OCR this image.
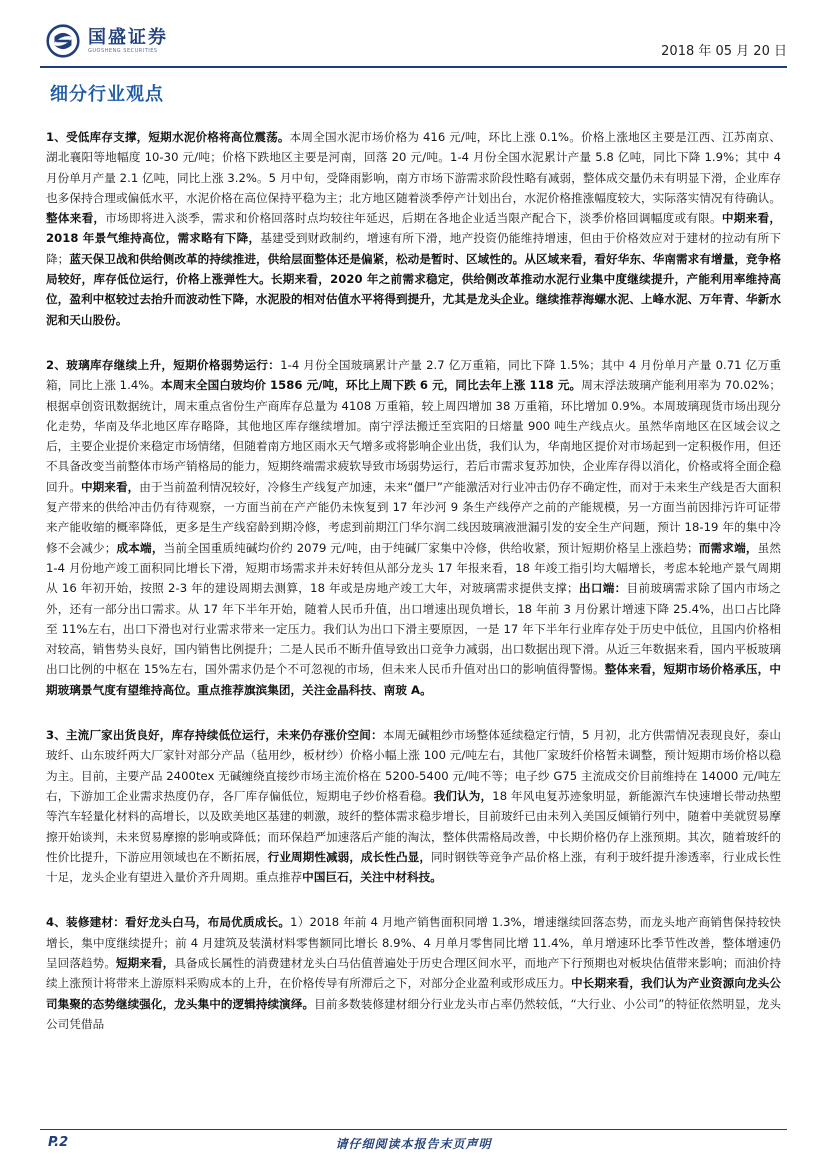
国盛证券
GUOSHENG SECURITIES	2018 年 05 月 20 日
细分行业观点

1、受低库存支撑，短期水泥价格将高位震荡。本周全国水泥市场价格为 416 元/吨，环比上涨 0.1%。价格上涨地区主要是江西、江苏南京、湖北襄阳等地幅度 10-30 元/吨；价格下跌地区主要是河南，回落 20 元/吨。1-4 月份全国水泥累计产量 5.8 亿吨，同比下降 1.9%；其中 4 月份单月产量 2.1 亿吨，同比上涨 3.2%。5 月中旬，受降雨影响，南方市场下游需求阶段性略有减弱，整体成交量仍未有明显下滑，企业库存也多保持合理或偏低水平，水泥价格在高位保持平稳为主；北方地区随着淡季停产计划出台，水泥价格推涨幅度较大，实际落实情况有待确认。整体来看，市场即将进入淡季，需求和价格回落时点均较往年延迟，后期在各地企业适当限产配合下，淡季价格回调幅度或有限。中期来看，2018 年景气维持高位，需求略有下降，基建受到财政制约，增速有所下滑，地产投资仍能维持增速，但由于价格效应对于建材的拉动有所下降；蓝天保卫战和供给侧改革的持续推进，供给层面整体还是偏紧，松动是暂时、区域性的。从区域来看，看好华东、华南需求有增量，竞争格局较好，库存低位运行，价格上涨弹性大。长期来看，2020 年之前需求稳定，供给侧改革推动水泥行业集中度继续提升，产能利用率维持高位，盈利中枢较过去抬升而波动性下降，水泥股的相对估值水平将得到提升，尤其是龙头企业。继续推荐海螺水泥、上峰水泥、万年青、华新水泥和天山股份。

2、玻璃库存继续上升，短期价格弱势运行：1-4 月份全国玻璃累计产量 2.7 亿万重箱，同比下降 1.5%；其中 4 月份单月产量 0.71 亿万重箱，同比上涨 1.4%。本周末全国白玻均价 1586 元/吨，环比上周下跌 6 元，同比去年上涨 118 元。周末浮法玻璃产能利用率为 70.02%；根据卓创资讯数据统计，周末重点省份生产商库存总量为 4108 万重箱，较上周四增加 38 万重箱，环比增加 0.9%。本周玻璃现货市场出现分化走势，华南及华北地区库存略降，其他地区库存继续增加。南宁浮法搬迁至宾阳的日熔量 900 吨生产线点火。虽然华南地区在区域会议之后，主要企业提价来稳定市场情绪，但随着南方地区雨水天气增多或将影响企业出货，我们认为，华南地区提价对市场起到一定积极作用，但还不具备改变当前整体市场产销格局的能力，短期终端需求疲软导致市场弱势运行，若后市需求复苏加快，企业库存得以消化，价格或将全面企稳回升。中期来看，由于当前盈利情况较好，冷修生产线复产加速，未来“僵尸”产能激活对行业冲击仍存不确定性，而对于未来生产线是否大面积复产带来的供给冲击仍有待观察，一方面当前在产产能仍未恢复到 17 年沙河 9 条生产线停产之前的产能规模，另一方面当前因排污许可证带来产能收缩的概率降低，更多是生产线窑龄到期冷修，考虑到前期江门华尔润二线因玻璃液泄漏引发的安全生产问题，预计 18-19 年的集中冷修不会减少；成本端，当前全国重质纯碱均价约 2079 元/吨，由于纯碱厂家集中冷修，供给收紧，预计短期价格呈上涨趋势；而需求端，虽然 1-4 月份地产竣工面积同比增长下滑，短期市场需求并未好转但从部分龙头 17 年报来看，18 年竣工指引均大幅增长，考虑本轮地产景气周期从 16 年初开始，按照 2-3 年的建设周期去测算，18 年或是房地产竣工大年，对玻璃需求提供支撑；出口端：目前玻璃需求除了国内市场之外，还有一部分出口需求。从 17 年下半年开始，随着人民币升值，出口增速出现负增长，18 年前 3 月份累计增速下降 25.4%，出口占比降至 11%左右，出口下滑也对行业需求带来一定压力。我们认为出口下滑主要原因，一是 17 年下半年行业库存处于历史中低位，且国内价格相对较高，销售势头良好，国内销售比例提升；二是人民币不断升值导致出口竞争力减弱，出口数据出现下滑。从近三年数据来看，国内平板玻璃出口比例的中枢在 15%左右，国外需求仍是个不可忽视的市场，但未来人民币升值对出口的影响值得警惕。整体来看，短期市场价格承压，中期玻璃景气度有望维持高位。重点推荐旗滨集团，关注金晶科技、南玻 A。

3、主流厂家出货良好，库存持续低位运行，未来仍存涨价空间：本周无碱粗纱市场整体延续稳定行情，5 月初，北方供需情况表现良好，泰山玻纤、山东玻纤两大厂家针对部分产品（毡用纱，板材纱）价格小幅上涨 100 元/吨左右，其他厂家玻纤价格暂未调整，预计短期市场价格以稳为主。目前，主要产品 2400tex 无碱缠绕直接纱市场主流价格在 5200-5400 元/吨不等；电子纱 G75 主流成交价目前维持在 14000 元/吨左右，下游加工企业需求热度仍存，各厂库存偏低位，短期电子纱价格看稳。我们认为，18 年风电复苏迹象明显，新能源汽车快速增长带动热塑等汽车轻量化材料的高增长，以及欧美地区基建的刺激，玻纤的整体需求稳步增长，目前玻纤已由未列入美国反倾销行列中，随着中美就贸易摩擦开始谈判，未来贸易摩擦的影响或降低；而环保趋严加速落后产能的淘汰，整体供需格局改善，中长期价格仍存上涨预期。其次，随着玻纤的性价比提升，下游应用领域也在不断拓展，行业周期性减弱，成长性凸显，同时钢铁等竞争产品价格上涨，有利于玻纤提升渗透率，行业成长性十足，龙头企业有望进入量价齐升周期。重点推荐中国巨石，关注中材科技。

4、装修建材：看好龙头白马，布局优质成长。1）2018 年前 4 月地产销售面积同增 1.3%，增速继续回落态势，而龙头地产商销售保持较快增长，集中度继续提升；前 4 月建筑及装潢材料零售额同比增长 8.9%、4 月单月零售同比增 11.4%，单月增速环比季节性改善，整体增速仍呈回落趋势。短期来看，具备成长属性的消费建材龙头白马估值普遍处于历史合理区间水平，而地产下行预期也对板块估值带来影响；而油价持续上涨预计将带来上游原料采购成本的上升，在价格传导有所滞后之下，对部分企业盈利或形成压力。中长期来看，我们认为产业资源向龙头公司集聚的态势继续强化，龙头集中的逻辑持续演绎。目前多数装修建材细分行业龙头市占率仍然较低，“大行业、小公司”的特征依然明显，龙头公司凭借品

P.2	请仔细阅读本报告末页声明
